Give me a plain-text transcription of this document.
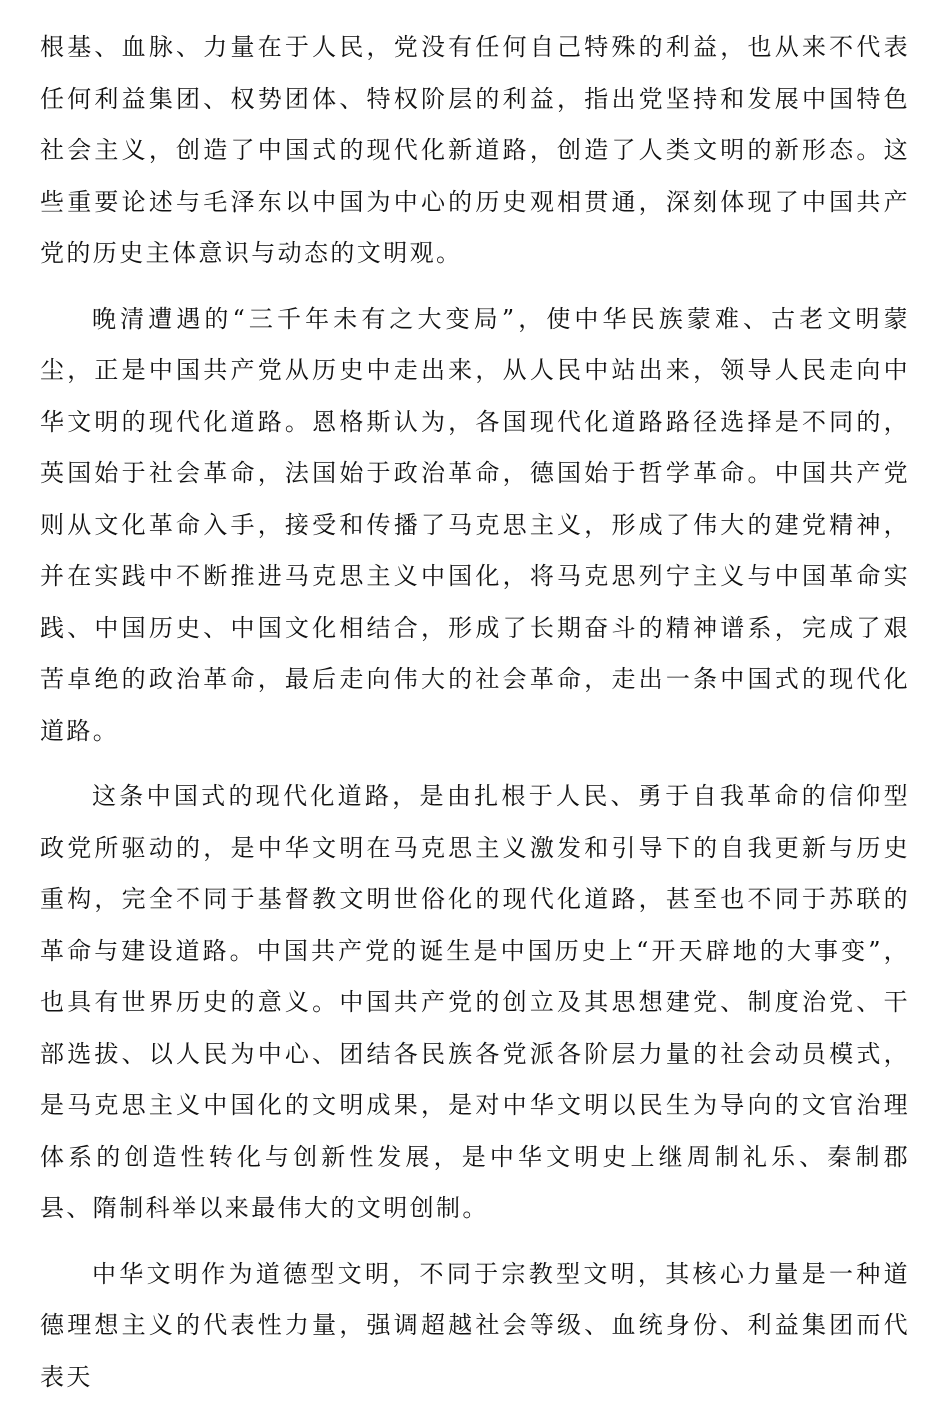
根基、血脉、力量在于人民，党没有任何自己特殊的利益，也从来不代表任何利益集团、权势团体、特权阶层的利益，指出党坚持和发展中国特色社会主义，创造了中国式的现代化新道路，创造了人类文明的新形态。这些重要论述与毛泽东以中国为中心的历史观相贯通，深刻体现了中国共产党的历史主体意识与动态的文明观。

晚清遭遇的“三千年未有之大变局”，使中华民族蒙难、古老文明蒙尘，正是中国共产党从历史中走出来，从人民中站出来，领导人民走向中华文明的现代化道路。恩格斯认为，各国现代化道路路径选择是不同的，英国始于社会革命，法国始于政治革命，德国始于哲学革命。中国共产党则从文化革命入手，接受和传播了马克思主义，形成了伟大的建党精神，并在实践中不断推进马克思主义中国化，将马克思列宁主义与中国革命实践、中国历史、中国文化相结合，形成了长期奋斗的精神谱系，完成了艰苦卓绝的政治革命，最后走向伟大的社会革命，走出一条中国式的现代化道路。

这条中国式的现代化道路，是由扎根于人民、勇于自我革命的信仰型政党所驱动的，是中华文明在马克思主义激发和引导下的自我更新与历史重构，完全不同于基督教文明世俗化的现代化道路，甚至也不同于苏联的革命与建设道路。中国共产党的诞生是中国历史上“开天辟地的大事变”，也具有世界历史的意义。中国共产党的创立及其思想建党、制度治党、干部选拔、以人民为中心、团结各民族各党派各阶层力量的社会动员模式，是马克思主义中国化的文明成果，是对中华文明以民生为导向的文官治理体系的创造性转化与创新性发展，是中华文明史上继周制礼乐、秦制郡县、隋制科举以来最伟大的文明创制。

中华文明作为道德型文明，不同于宗教型文明，其核心力量是一种道德理想主义的代表性力量，强调超越社会等级、血统身份、利益集团而代表天
